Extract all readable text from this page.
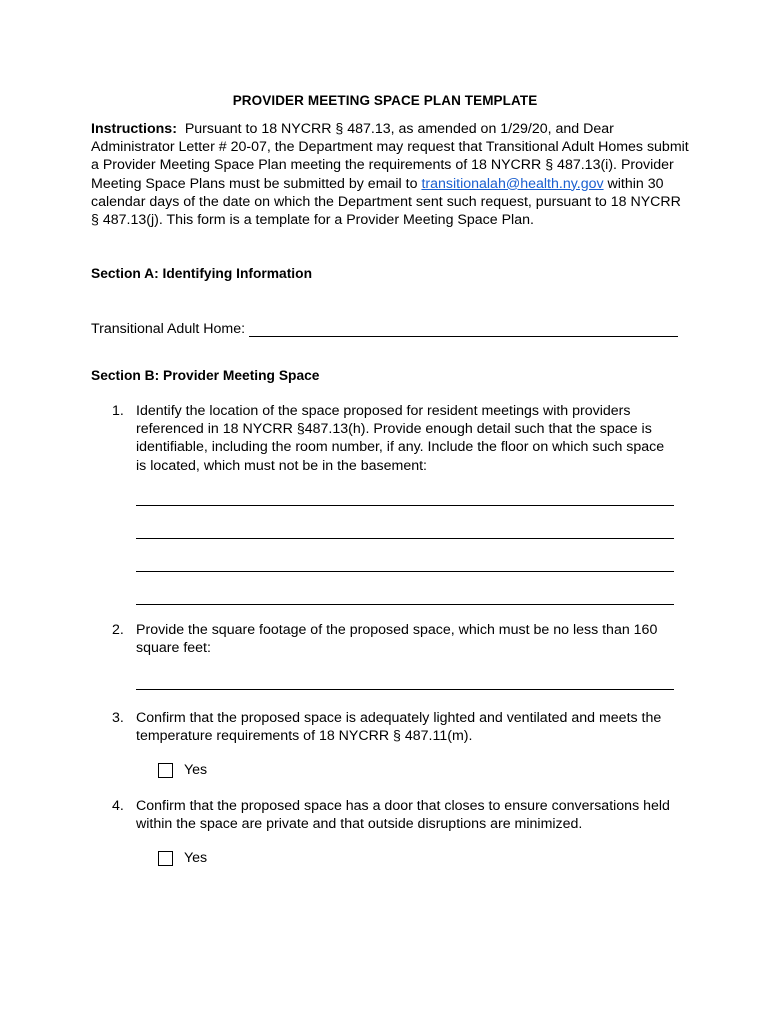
PROVIDER MEETING SPACE PLAN TEMPLATE

Instructions: Pursuant to 18 NYCRR § 487.13, as amended on 1/29/20, and Dear Administrator Letter # 20-07, the Department may request that Transitional Adult Homes submit a Provider Meeting Space Plan meeting the requirements of 18 NYCRR § 487.13(i). Provider Meeting Space Plans must be submitted by email to transitionalah@health.ny.gov within 30 calendar days of the date on which the Department sent such request, pursuant to 18 NYCRR § 487.13(j). This form is a template for a Provider Meeting Space Plan.

Section A: Identifying Information
Transitional Adult Home:
Section B: Provider Meeting Space
1. Identify the location of the space proposed for resident meetings with providers referenced in 18 NYCRR §487.13(h). Provide enough detail such that the space is identifiable, including the room number, if any. Include the floor on which such space is located, which must not be in the basement:
2. Provide the square footage of the proposed space, which must be no less than 160 square feet:
3. Confirm that the proposed space is adequately lighted and ventilated and meets the temperature requirements of 18 NYCRR § 487.11(m).
Yes
4. Confirm that the proposed space has a door that closes to ensure conversations held within the space are private and that outside disruptions are minimized.
Yes
